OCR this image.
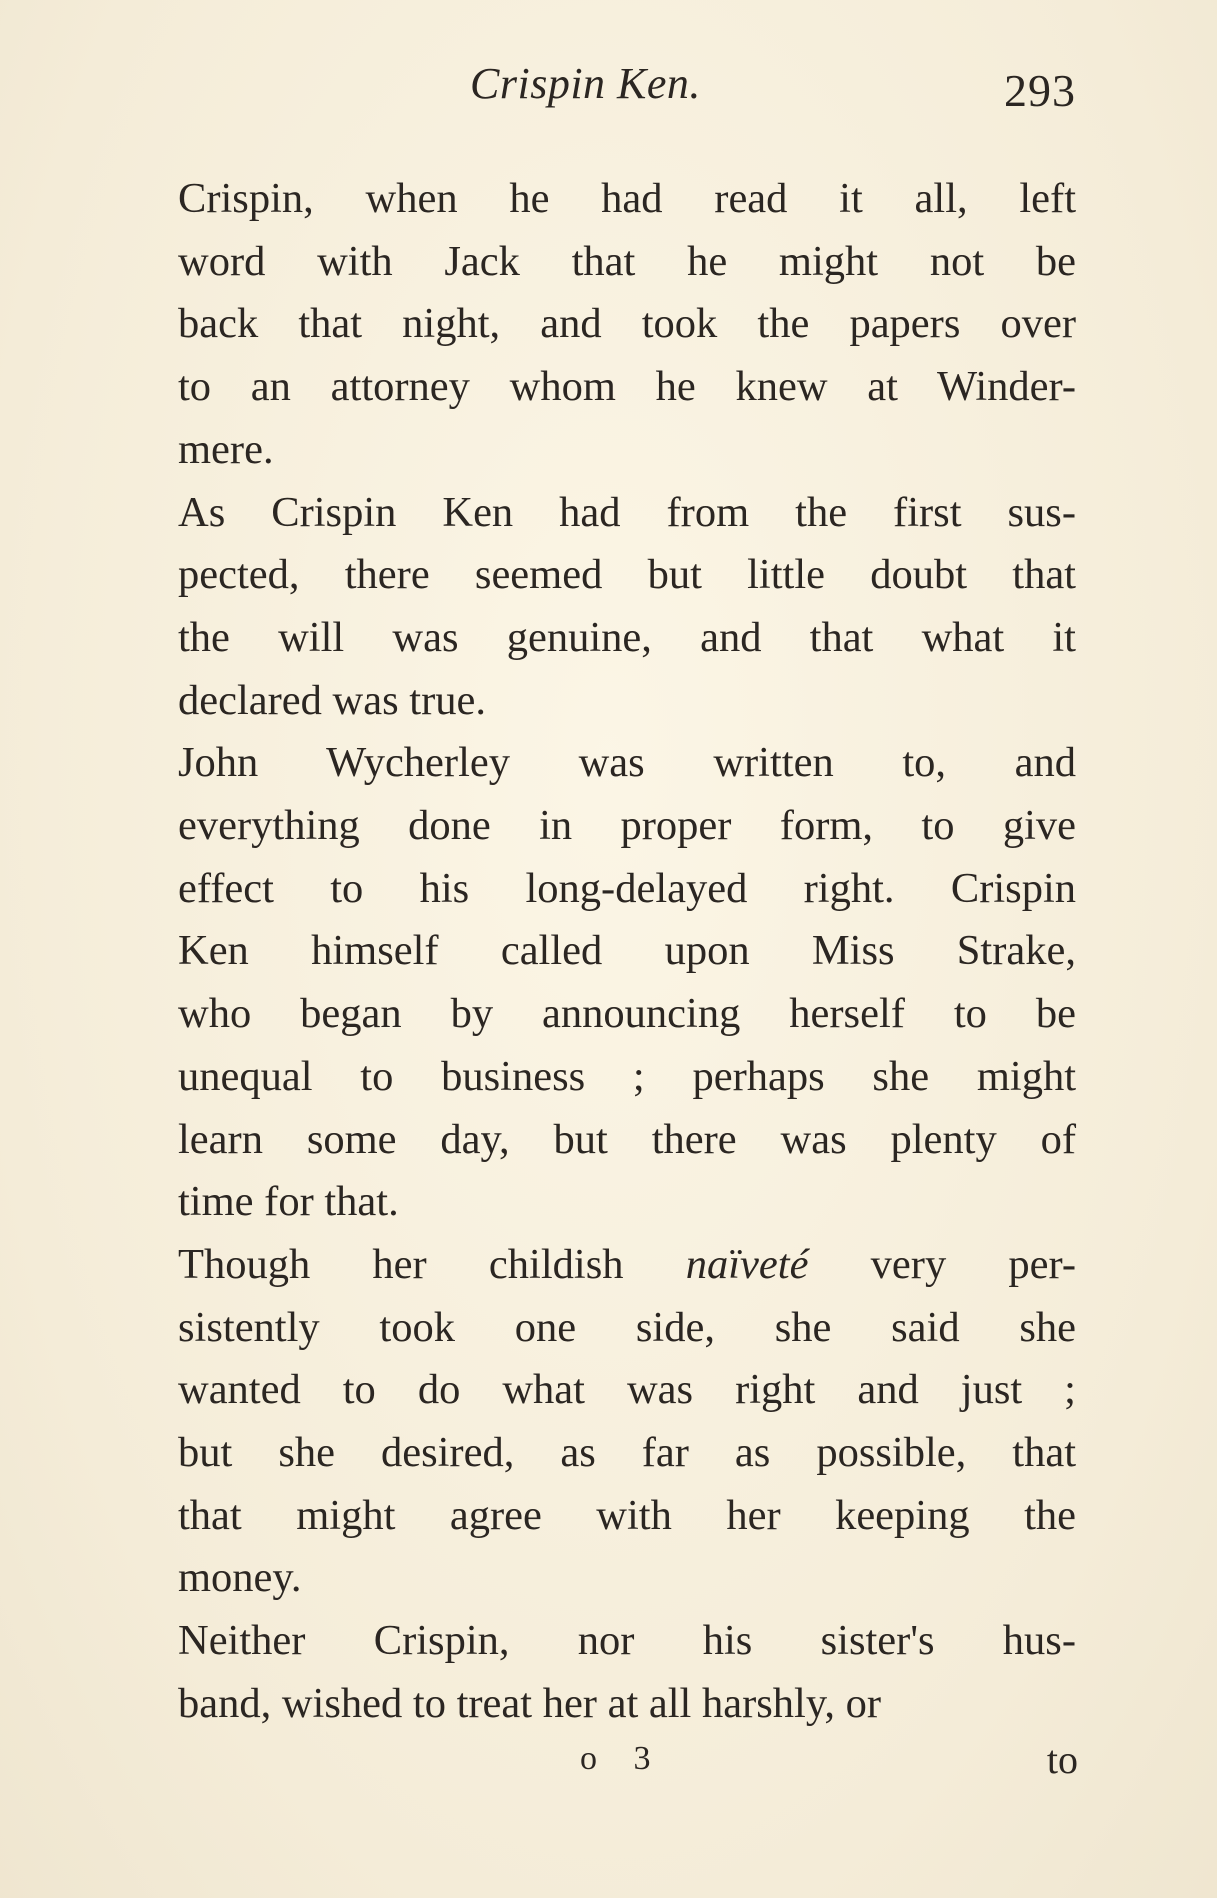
Crispin Ken.	293

Crispin, when he had read it all, left
word with Jack that he might not be
back that night, and took the papers over
to an attorney whom he knew at Winder-
mere.

As Crispin Ken had from the first sus-
pected, there seemed but little doubt that
the will was genuine, and that what it
declared was true.

John Wycherley was written to, and
everything done in proper form, to give
effect to his long-delayed right. Crispin
Ken himself called upon Miss Strake,
who began by announcing herself to be
unequal to business ; perhaps she might
learn some day, but there was plenty of
time for that.

Though her childish naïveté very per-
sistently took one side, she said she
wanted to do what was right and just ;
but she desired, as far as possible, that
that might agree with her keeping the
money.

Neither Crispin, nor his sister's hus-
band, wished to treat her at all harshly, or

o 3	to
